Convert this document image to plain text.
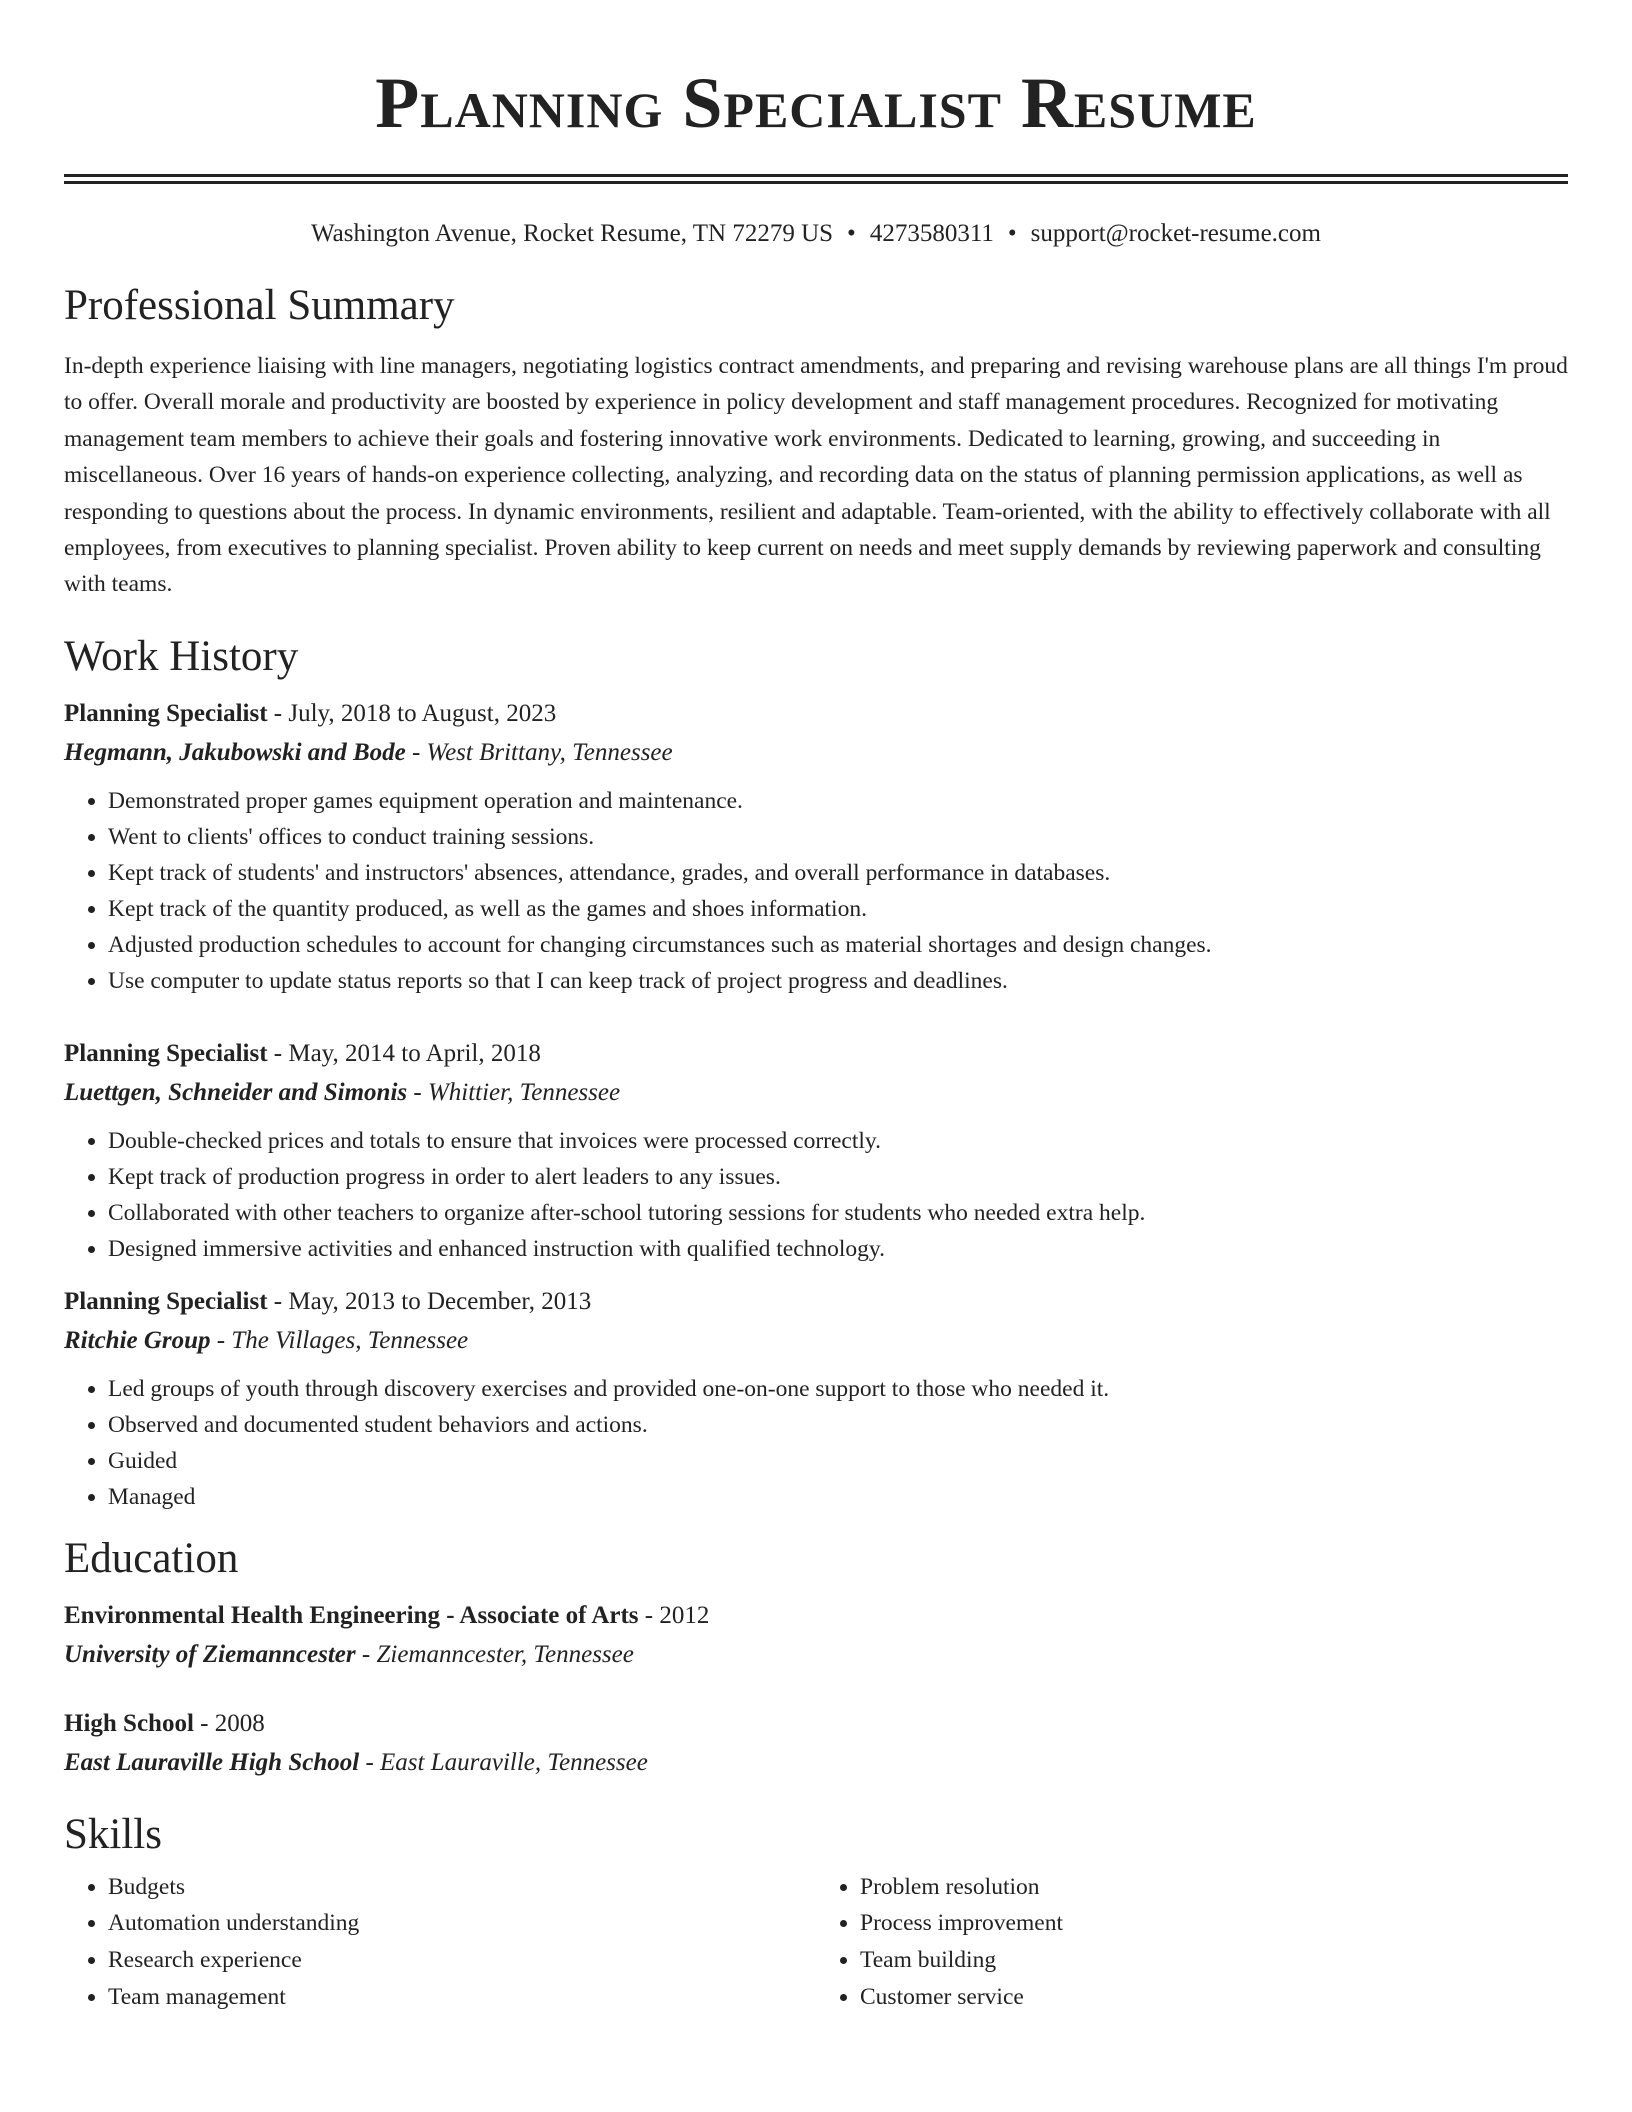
Planning Specialist Resume
Washington Avenue, Rocket Resume, TN 72279 US • 4273580311 • support@rocket-resume.com
Professional Summary

In-depth experience liaising with line managers, negotiating logistics contract amendments, and preparing and revising warehouse plans are all things I'm proud to offer. Overall morale and productivity are boosted by experience in policy development and staff management procedures. Recognized for motivating management team members to achieve their goals and fostering innovative work environments. Dedicated to learning, growing, and succeeding in miscellaneous. Over 16 years of hands-on experience collecting, analyzing, and recording data on the status of planning permission applications, as well as responding to questions about the process. In dynamic environments, resilient and adaptable. Team-oriented, with the ability to effectively collaborate with all employees, from executives to planning specialist. Proven ability to keep current on needs and meet supply demands by reviewing paperwork and consulting with teams.

Work History
Planning Specialist - July, 2018 to August, 2023
Hegmann, Jakubowski and Bode - West Brittany, Tennessee
• Demonstrated proper games equipment operation and maintenance.
• Went to clients' offices to conduct training sessions.
• Kept track of students' and instructors' absences, attendance, grades, and overall performance in databases.
• Kept track of the quantity produced, as well as the games and shoes information.
• Adjusted production schedules to account for changing circumstances such as material shortages and design changes.
• Use computer to update status reports so that I can keep track of project progress and deadlines.
Planning Specialist - May, 2014 to April, 2018
Luettgen, Schneider and Simonis - Whittier, Tennessee
• Double-checked prices and totals to ensure that invoices were processed correctly.
• Kept track of production progress in order to alert leaders to any issues.
• Collaborated with other teachers to organize after-school tutoring sessions for students who needed extra help.
• Designed immersive activities and enhanced instruction with qualified technology.
Planning Specialist - May, 2013 to December, 2013
Ritchie Group - The Villages, Tennessee
• Led groups of youth through discovery exercises and provided one-on-one support to those who needed it.
• Observed and documented student behaviors and actions.
• Guided
• Managed
Education
Environmental Health Engineering - Associate of Arts - 2012
University of Ziemanncester - Ziemanncester, Tennessee
High School - 2008
East Lauraville High School - East Lauraville, Tennessee
Skills
• Budgets
• Automation understanding
• Research experience
• Team management
• Problem resolution
• Process improvement
• Team building
• Customer service
